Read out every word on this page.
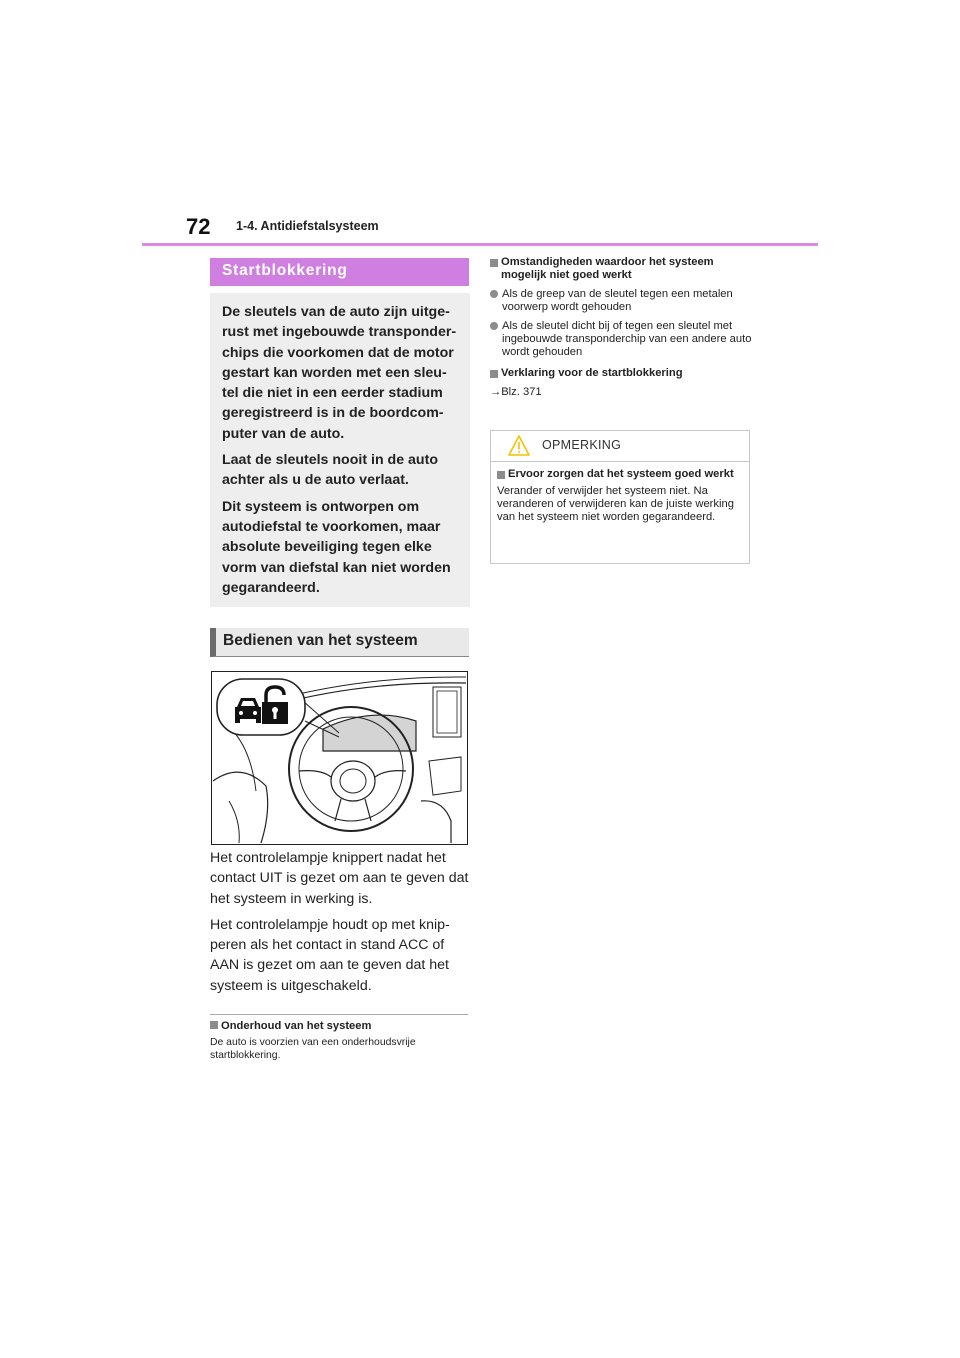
72 1-4. Antidiefstalsysteem
Startblokkering

De sleutels van de auto zijn uitge-rust met ingebouwde transponder-chips die voorkomen dat de motor gestart kan worden met een sleu-tel die niet in een eerder stadium geregistreerd is in de boordcom-puter van de auto.

Laat de sleutels nooit in de auto achter als u de auto verlaat.

Dit systeem is ontworpen om autodiefstal te voorkomen, maar absolute beveiliging tegen elke vorm van diefstal kan niet worden gegarandeerd.

Bedienen van het systeem

Het controlelampje knippert nadat het contact UIT is gezet om aan te geven dat het systeem in werking is.

Het controlelampje houdt op met knip-peren als het contact in stand ACC of AAN is gezet om aan te geven dat het systeem is uitgeschakeld.

Onderhoud van het systeem
De auto is voorzien van een onderhoudsvrije startblokkering.
Omstandigheden waardoor het systeem mogelijk niet goed werkt
Als de greep van de sleutel tegen een metalen voorwerp wordt gehouden
Als de sleutel dicht bij of tegen een sleutel met ingebouwde transponderchip van een andere auto wordt gehouden
Verklaring voor de startblokkering
→Blz. 371
OPMERKING
Ervoor zorgen dat het systeem goed werkt
Verander of verwijder het systeem niet. Na veranderen of verwijderen kan de juiste werking van het systeem niet worden gegarandeerd.
